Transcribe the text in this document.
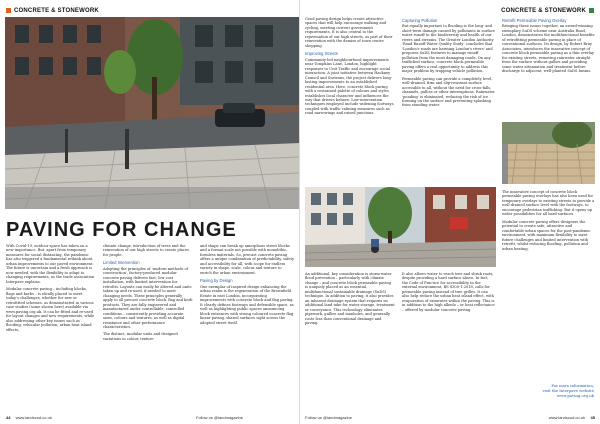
CONCRETE & STONEWORK
PAVING FOR CHANGE

With Covid-19, outdoor space has taken on a new importance. But, apart from temporary measures for social distancing, the pandemic has also triggered a fundamental rethink about urban improvements to our paved environment. The future is uncertain and a fresh approach is now needed, with the flexibility to adapt to changing requirements, as the trade association Interpave explains.

Modular concrete paving – including blocks, flags and kerbs – is ideally placed to meet today's challenges, whether for new or retrofitted schemes, as demonstrated in various case studies (some shown here) available via www.paving.org.uk. It can be fitted and re-used for layout changes and new requirements, while also addressing other key issues such as flooding, vehicular pollution, urban heat island effects,

climate change, introduction of trees and the reinvention of our high streets to create places for people.

Limited Intervention

Adopting the principles of 'modern methods of construction', factory-produced modular concrete paving delivers fast, low cost installation, with limited intervention for retrofits. Layouts can easily be altered and units taken up and re-used, if needed to meet changing needs. These principles generally apply to all precast concrete block, flag and kerb products. They are fully engineered and manufactured under controllable, controlled conditions – consistently providing accurate sizes, colours and textures, as well as digital resistance and other performance characteristics.

The distinct, modular units and designed variations in colour, texture

and shape can break up amorphous street blocks and a format scale not possible with monolithic, formless materials. So, precast concrete paving offers a unique combination of predictability, safety and accessibility for all, with scope for endless variety in shape, scale, colour and texture to enrich the urban environment.

Paving by Design

One exemplar of inspired design enhancing the urban realm is the regeneration of the Brownfield Estate in east London, incorporating improvements with concrete block and flag paving. It clearly defines footways and defensible space, as well as highlighting public spaces announcing block entrances with strong coloured concrete flag linear paving, shared surfaces right across the adopted street itself.

44 www.landscud.co.uk	Follow us @landmagazine
CONCRETE & STONEWORK

Good paving design helps create attractive spaces that will help encourage walking and cycling, meeting current government requirements. It is also central to the rejuvenation of our high streets, as part of their reinvention with the demise of town centre shopping.

Improving Streets

Community-led neighbourhood improvements near Tompkins Lane, London, highlight responses to Unit Traffic and encourage social interaction. A joint initiative between Hackney Council and Sustrans, the project delivers long-lasting improvements to an established residential area. Here, concrete block paving with a restrained palette of colours and styles establishes local character and influences the way that drivers behave. Low-intervention techniques employed include widening footways, coupled with traffic calming measures such as road narrowings and raised junctions.

Capturing Pollution

But equally important to flooding is the long- and short-term damage caused by pollutants in surface water runoff to the biodiversity and health of our rivers and streams. The Greater London Authority 'Road Runoff Water Quality Study' concludes that 'London's roads are harming London's rivers' and proposes SuDS features to manage runoff pollution from the most damaging roads. On any trafficked surface, concrete block permeable paving offers a real opportunity to address this major problem by trapping vehicle pollution.

Permeable paving can provide a completely level, well-drained, firm and slip-resistant surface accessible to all, without the need for cross-falls, channels, gullies or other interruptions. Rainwater 'ponding' is eliminated, reducing the risk of ice forming on the surface and preventing splashing from standing water.

Retrofit Permeable Paving Overlay

Bringing these issues together, an award-winning exemplary SuDS scheme near Australia Road, London, demonstrates the multifunctional benefits of retrofitting permeable paving in place of conventional surfaces. Its design, by Robert Bray Associates, introduces the innovative concept of concrete block permeable paving as a thin overlay for existing streets, removing rainwater straight from the surface without gullies and providing some water attenuation and treatment before discharge to adjacent, well-planted SuDS basins.

An additional, key consideration is storm-water flood prevention – particularly with climate change – and concrete block permeable paving is uniquely placed as an essential, multifunctional sustainable drainage (SuDS) technique. In addition to paving, it also provides an inherent drainage system that requires no additional land take for water storage, treatment or conveyance. This technology eliminates pipework, gullies and manholes, and generally costs less than conventional drainage and paving.

It also allows water to reach tree and shrub roots, despite providing a hard surface above. In fact, the Code of Practice for accessibility in the external environment, BS 8300-1:2018, calls for permeable paving instead of tree grilles. It can also help reduce the urban heat island effect, with evaporation of rainwater within the paving. This is in addition to the high albedo – or heat reflectance – offered by modular concrete paving.

The innovative concept of concrete block permeable paving overlays has also been used for temporary overlays to existing streets to provide a well-drained surface level with the footways, to encourage pedestrian trafficking. But it opens up wider possibilities for all hard-surfaces.

Modular concrete paving offers designers the potential to create safe, attractive and comfortable urban spaces for the post-pandemic environment, with maximum flexibility to meet future challenges and limited intervention with retrofit, whilst reducing flooding, pollution and urban heating.

For more information,
visit the Interpave website
www.paving.org.uk
Follow us @landmagazine	www.landscud.co.uk 45
